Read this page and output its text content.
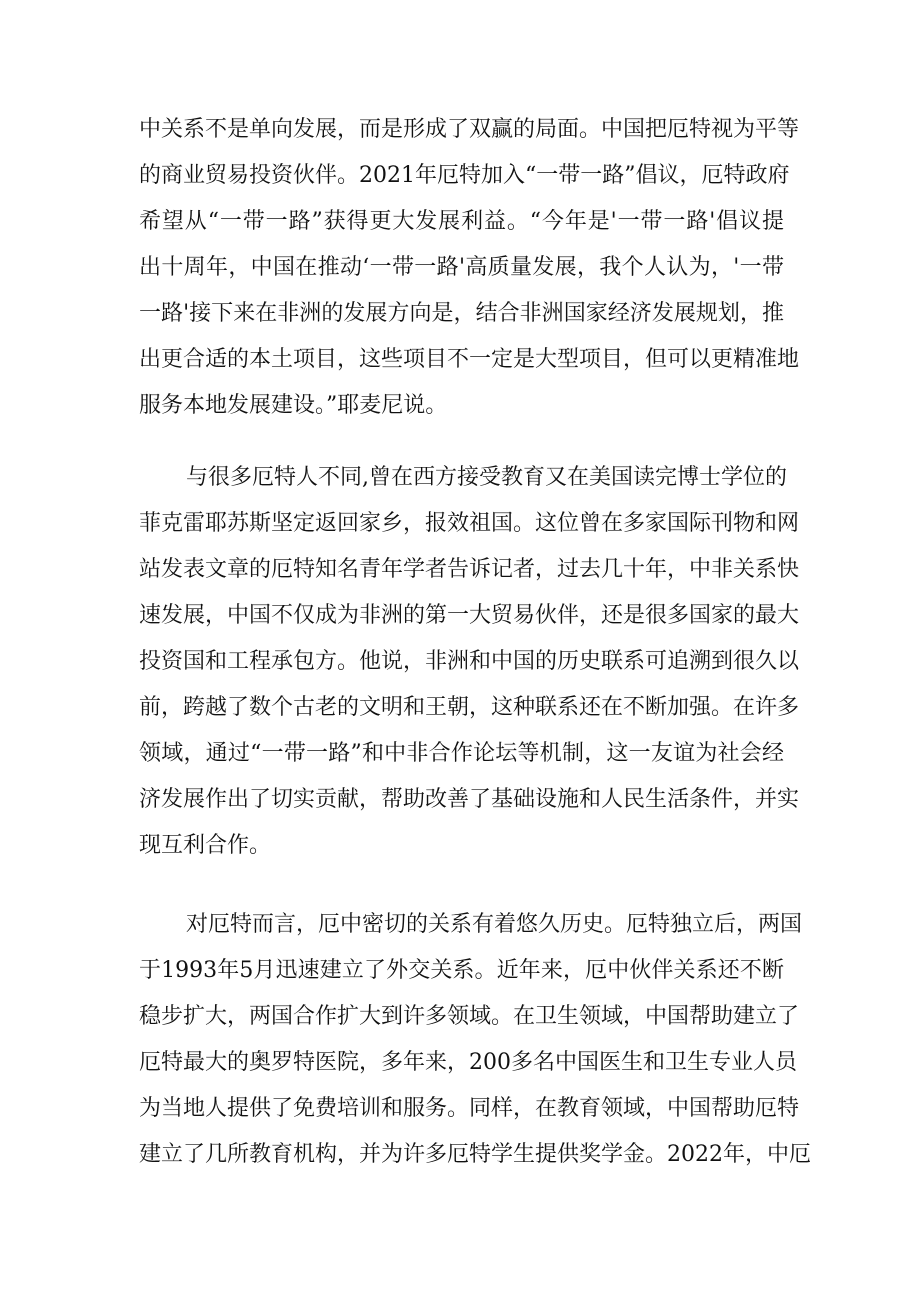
中关系不是单向发展，而是形成了双赢的局面。中国把厄特视为平等
的商业贸易投资伙伴。2021年厄特加入“一带一路”倡议，厄特政府
希望从“一带一路”获得更大发展利益。“今年是'一带一路'倡议提
出十周年，中国在推动‘一带一路'高质量发展，我个人认为，'一带
一路'接下来在非洲的发展方向是，结合非洲国家经济发展规划，推
出更合适的本土项目，这些项目不一定是大型项目，但可以更精准地
服务本地发展建设。”耶麦尼说。
与很多厄特人不同,曾在西方接受教育又在美国读完博士学位的
菲克雷耶苏斯坚定返回家乡，报效祖国。这位曾在多家国际刊物和网
站发表文章的厄特知名青年学者告诉记者，过去几十年，中非关系快
速发展，中国不仅成为非洲的第一大贸易伙伴，还是很多国家的最大
投资国和工程承包方。他说，非洲和中国的历史联系可追溯到很久以
前，跨越了数个古老的文明和王朝，这种联系还在不断加强。在许多
领域，通过“一带一路”和中非合作论坛等机制，这一友谊为社会经
济发展作出了切实贡献，帮助改善了基础设施和人民生活条件，并实
现互利合作。
对厄特而言，厄中密切的关系有着悠久历史。厄特独立后，两国
于1993年5月迅速建立了外交关系。近年来，厄中伙伴关系还不断
稳步扩大，两国合作扩大到许多领域。在卫生领域，中国帮助建立了
厄特最大的奥罗特医院，多年来，200多名中国医生和卫生专业人员
为当地人提供了免费培训和服务。同样，在教育领域，中国帮助厄特
建立了几所教育机构，并为许多厄特学生提供奖学金。2022年，中厄
